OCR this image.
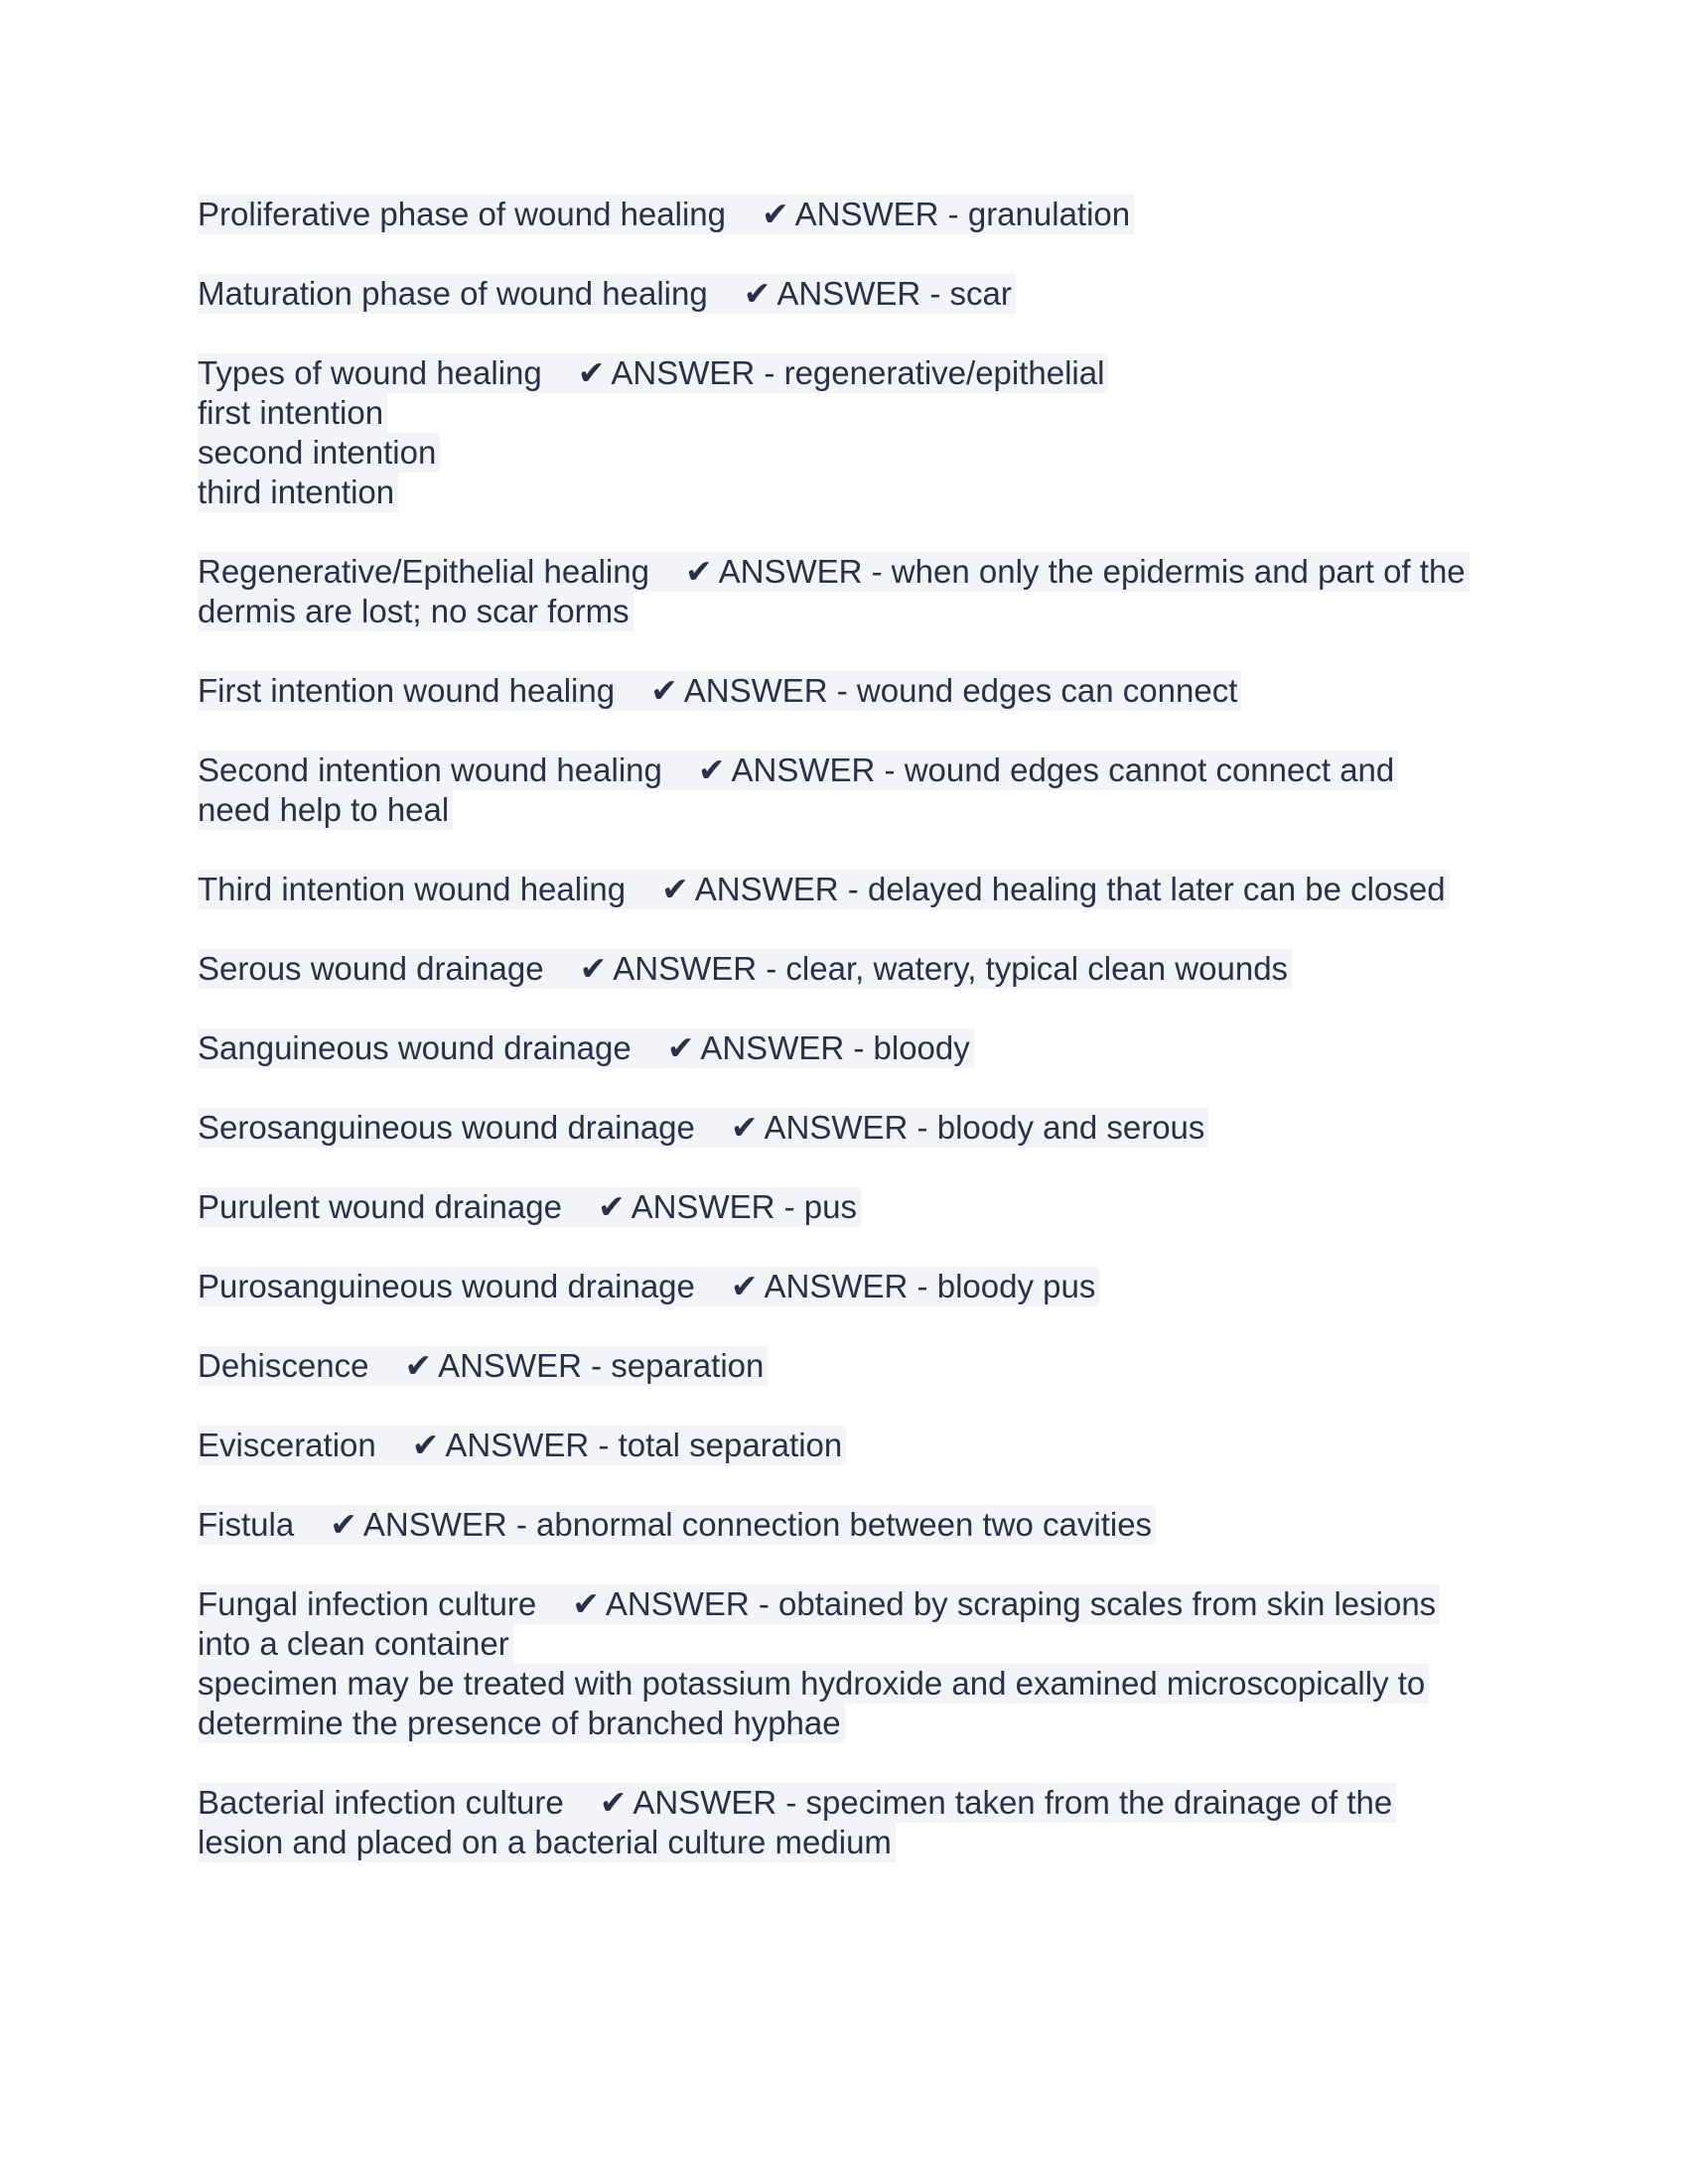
Proliferative phase of wound healing ✔ ANSWER - granulation
Maturation phase of wound healing ✔ ANSWER - scar
Types of wound healing ✔ ANSWER - regenerative/epithelial
first intention
second intention
third intention
Regenerative/Epithelial healing ✔ ANSWER - when only the epidermis and part of the
dermis are lost; no scar forms
First intention wound healing ✔ ANSWER - wound edges can connect
Second intention wound healing ✔ ANSWER - wound edges cannot connect and
need help to heal
Third intention wound healing ✔ ANSWER - delayed healing that later can be closed
Serous wound drainage ✔ ANSWER - clear, watery, typical clean wounds
Sanguineous wound drainage ✔ ANSWER - bloody
Serosanguineous wound drainage ✔ ANSWER - bloody and serous
Purulent wound drainage ✔ ANSWER - pus
Purosanguineous wound drainage ✔ ANSWER - bloody pus
Dehiscence ✔ ANSWER - separation
Evisceration ✔ ANSWER - total separation
Fistula ✔ ANSWER - abnormal connection between two cavities
Fungal infection culture ✔ ANSWER - obtained by scraping scales from skin lesions
into a clean container
specimen may be treated with potassium hydroxide and examined microscopically to
determine the presence of branched hyphae
Bacterial infection culture ✔ ANSWER - specimen taken from the drainage of the
lesion and placed on a bacterial culture medium
